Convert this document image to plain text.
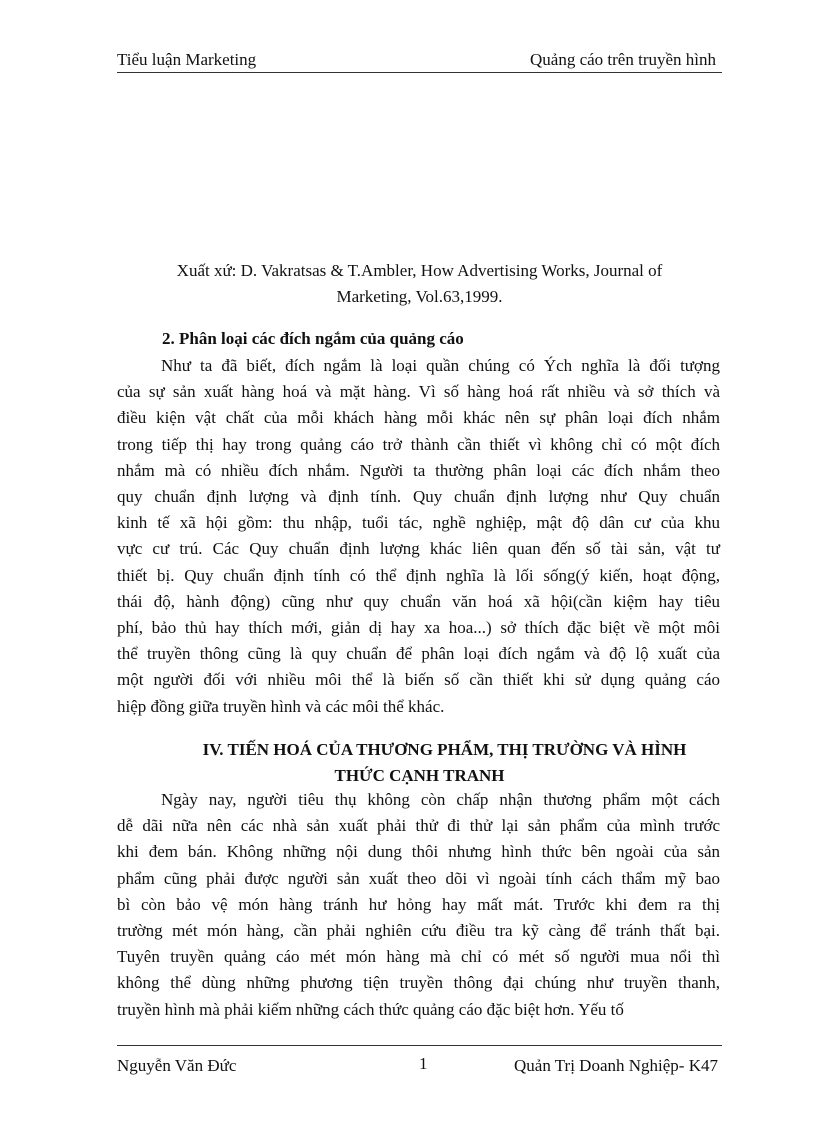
Tiểu luận Marketing	Quảng cáo trên truyền hình
Xuất xứ: D. Vakratsas & T.Ambler, How Advertising Works, Journal of
Marketing, Vol.63,1999.
2. Phân loại các đích ngắm của quảng cáo
Như ta đã biết, đích ngắm là loại quần chúng có Ých nghĩa là đối tượng
của sự sản xuất hàng hoá và mặt hàng. Vì số hàng hoá rất nhiều và sở thích và
điều kiện vật chất của mỗi khách hàng mỗi khác nên sự phân loại đích nhắm
trong tiếp thị hay trong quảng cáo trở thành cần thiết vì không chỉ có một đích
nhắm mà có nhiều đích nhắm. Người ta thường phân loại các đích nhắm theo
quy chuẩn định lượng và định tính. Quy chuẩn định lượng như Quy chuẩn
kinh tế xã hội gồm: thu nhập, tuổi tác, nghề nghiệp, mật độ dân cư của khu
vực cư trú. Các Quy chuẩn định lượng khác liên quan đến số tài sản, vật tư
thiết bị. Quy chuẩn định tính có thể định nghĩa là lối sống(ý kiến, hoạt động,
thái độ, hành động) cũng như quy chuẩn văn hoá xã hội(cần kiệm hay tiêu
phí, bảo thủ hay thích mới, giản dị hay xa hoa...) sở thích đặc biệt về một môi
thể truyền thông cũng là quy chuẩn để phân loại đích ngắm và độ lộ xuất của
một người đối với nhiều môi thể là biến số cần thiết khi sử dụng quảng cáo
hiệp đồng giữa truyền hình và các môi thể khác.
IV. TIẾN HOÁ CỦA THƯƠNG PHẨM, THỊ TRƯỜNG VÀ HÌNH
THỨC CẠNH TRANH
Ngày nay, người tiêu thụ không còn chấp nhận thương phẩm một cách
dễ dãi nữa nên các nhà sản xuất phải thử đi thử lại sản phẩm của mình trước
khi đem bán. Không những nội dung thôi nhưng hình thức bên ngoài của sản
phẩm cũng phải được người sản xuất theo dõi vì ngoài tính cách thẩm mỹ bao
bì còn bảo vệ món hàng tránh hư hỏng hay mất mát. Trước khi đem ra thị
trường mét món hàng, cần phải nghiên cứu điều tra kỹ càng để tránh thất bại.
Tuyên truyền quảng cáo mét món hàng mà chỉ có mét số người mua nổi thì
không thể dùng những phương tiện truyền thông đại chúng như truyền thanh,
truyền hình mà phải kiếm những cách thức quảng cáo đặc biệt hơn. Yếu tố
Nguyễn Văn Đức	1	Quản Trị Doanh Nghiệp- K47
